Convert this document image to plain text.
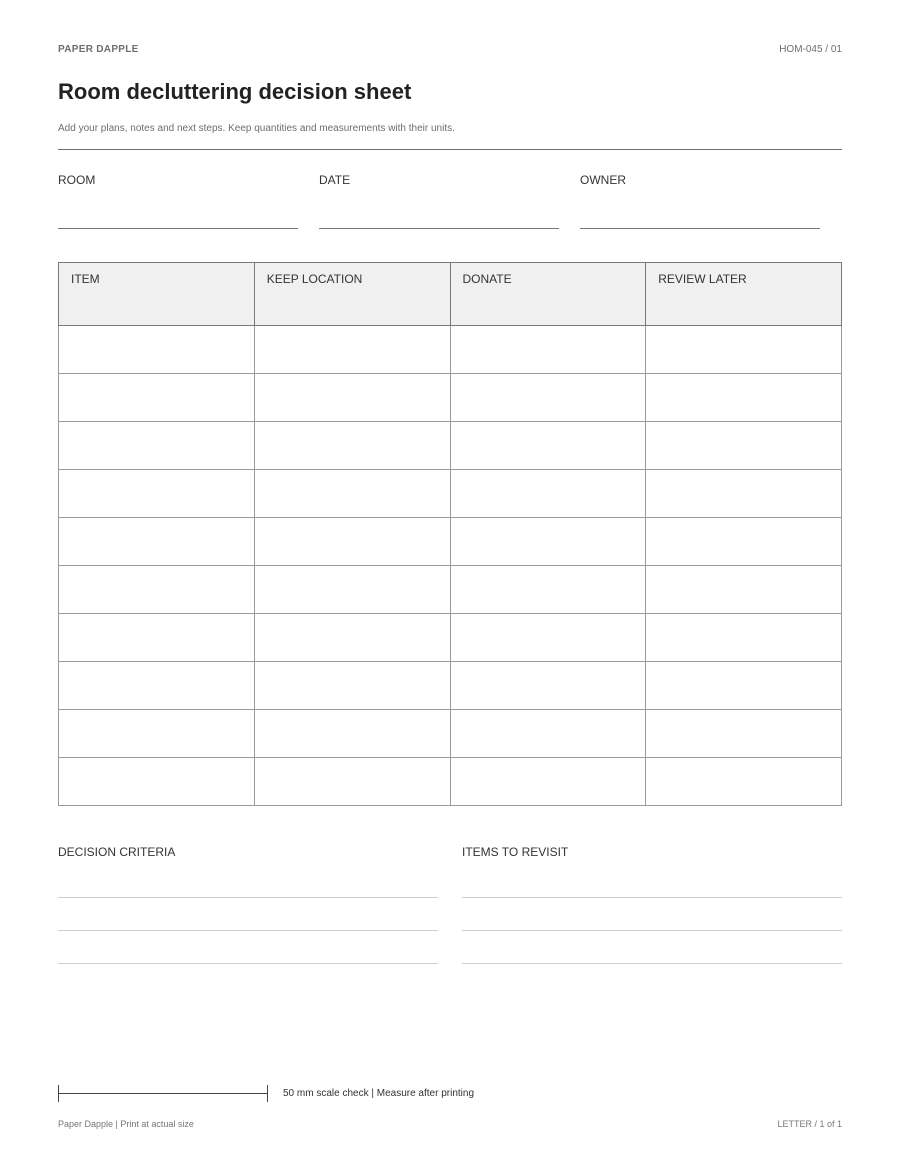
PAPER DAPPLE	HOM-045 / 01
Room decluttering decision sheet
Add your plans, notes and next steps. Keep quantities and measurements with their units.
ROOM	DATE	OWNER
ITEM	KEEP LOCATION	DONATE	REVIEW LATER

DECISION CRITERIA	ITEMS TO REVISIT
50 mm scale check | Measure after printing
Paper Dapple | Print at actual size	LETTER / 1 of 1
